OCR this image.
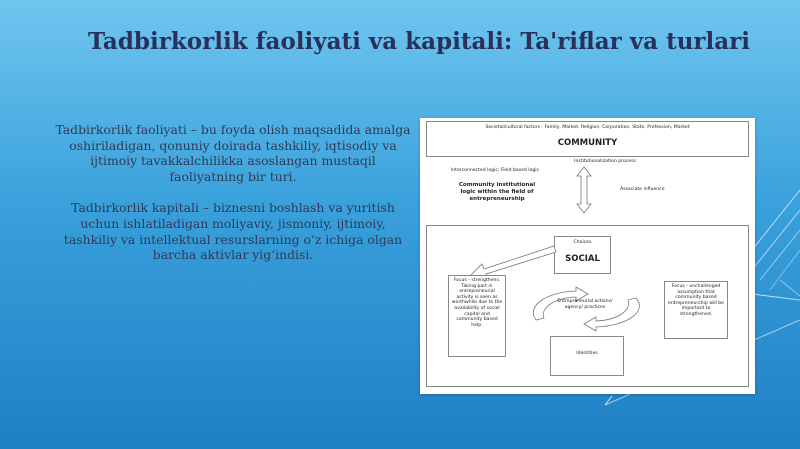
Tadbirkorlik faoliyati va kapitali: Ta'riflar va turlari

Tadbirkorlik faoliyati – bu foyda olish maqsadida amalga oshiriladigan, qonuniy doirada tashkiliy, iqtisodiy va ijtimoiy tavakkalchilikka asoslangan mustaqil faoliyatning bir turi.

Tadbirkorlik kapitali – biznesni boshlash va yuritish uchun ishlatiladigan moliyaviy, jismoniy, ijtimoiy, tashkiliy va intellektual resurslarning o‘z ichiga olgan barcha aktivlar yig‘indisi.

Societal/cultural factors - Family, Market, Religion, Corporation, State, Profession, Market
COMMUNITY
Institutionalization process
Interconnected logic; Field based logic
Community institutional logic within the field of entrepreneurship
Associate influence
Choices
SOCIAL
Focus - strengthens. Taking part in entrepreneurial activity is seen as worthwhile due to the availability of social capital and community based help.
Entrepreneurial actions/ agency/ practices
Focus - unchallenged assumption that community based entrepreneurship will be important to strengthened.
Identities
